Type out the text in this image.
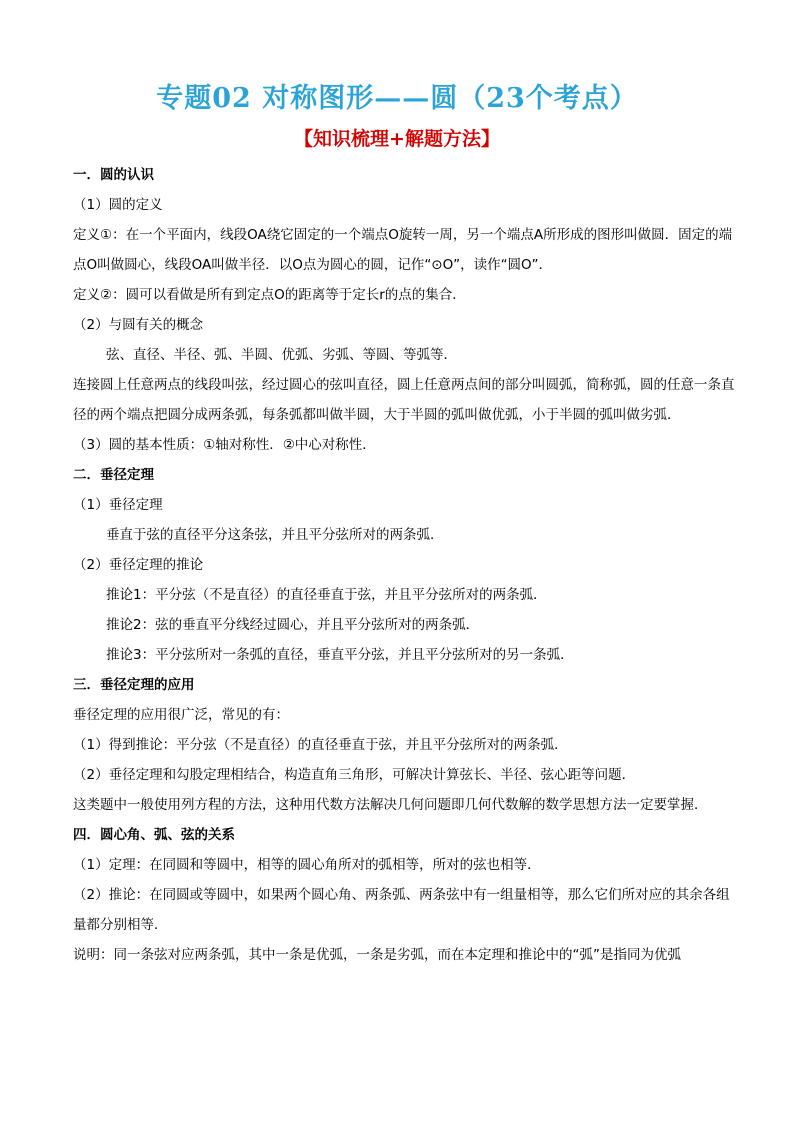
专题02 对称图形——圆（23个考点）
【知识梳理+解题方法】
一．圆的认识
（1）圆的定义
定义①：在一个平面内，线段OA绕它固定的一个端点O旋转一周，另一个端点A所形成的图形叫做圆．固定的端点O叫做圆心，线段OA叫做半径．以O点为圆心的圆，记作“⊙O”，读作“圆O”．
定义②：圆可以看做是所有到定点O的距离等于定长r的点的集合．
（2）与圆有关的概念
弦、直径、半径、弧、半圆、优弧、劣弧、等圆、等弧等．
连接圆上任意两点的线段叫弦，经过圆心的弦叫直径，圆上任意两点间的部分叫圆弧，简称弧，圆的任意一条直径的两个端点把圆分成两条弧，每条弧都叫做半圆，大于半圆的弧叫做优弧，小于半圆的弧叫做劣弧．
（3）圆的基本性质：①轴对称性．②中心对称性．
二．垂径定理
（1）垂径定理
垂直于弦的直径平分这条弦，并且平分弦所对的两条弧．
（2）垂径定理的推论
推论1：平分弦（不是直径）的直径垂直于弦，并且平分弦所对的两条弧．
推论2：弦的垂直平分线经过圆心，并且平分弦所对的两条弧．
推论3：平分弦所对一条弧的直径，垂直平分弦，并且平分弦所对的另一条弧．
三．垂径定理的应用
垂径定理的应用很广泛，常见的有：
（1）得到推论：平分弦（不是直径）的直径垂直于弦，并且平分弦所对的两条弧．
（2）垂径定理和勾股定理相结合，构造直角三角形，可解决计算弦长、半径、弦心距等问题．
这类题中一般使用列方程的方法，这种用代数方法解决几何问题即几何代数解的数学思想方法一定要掌握．
四．圆心角、弧、弦的关系
（1）定理：在同圆和等圆中，相等的圆心角所对的弧相等，所对的弦也相等．
（2）推论：在同圆或等圆中，如果两个圆心角、两条弧、两条弦中有一组量相等，那么它们所对应的其余各组量都分别相等．
说明：同一条弦对应两条弧，其中一条是优弧，一条是劣弧，而在本定理和推论中的“弧”是指同为优弧
